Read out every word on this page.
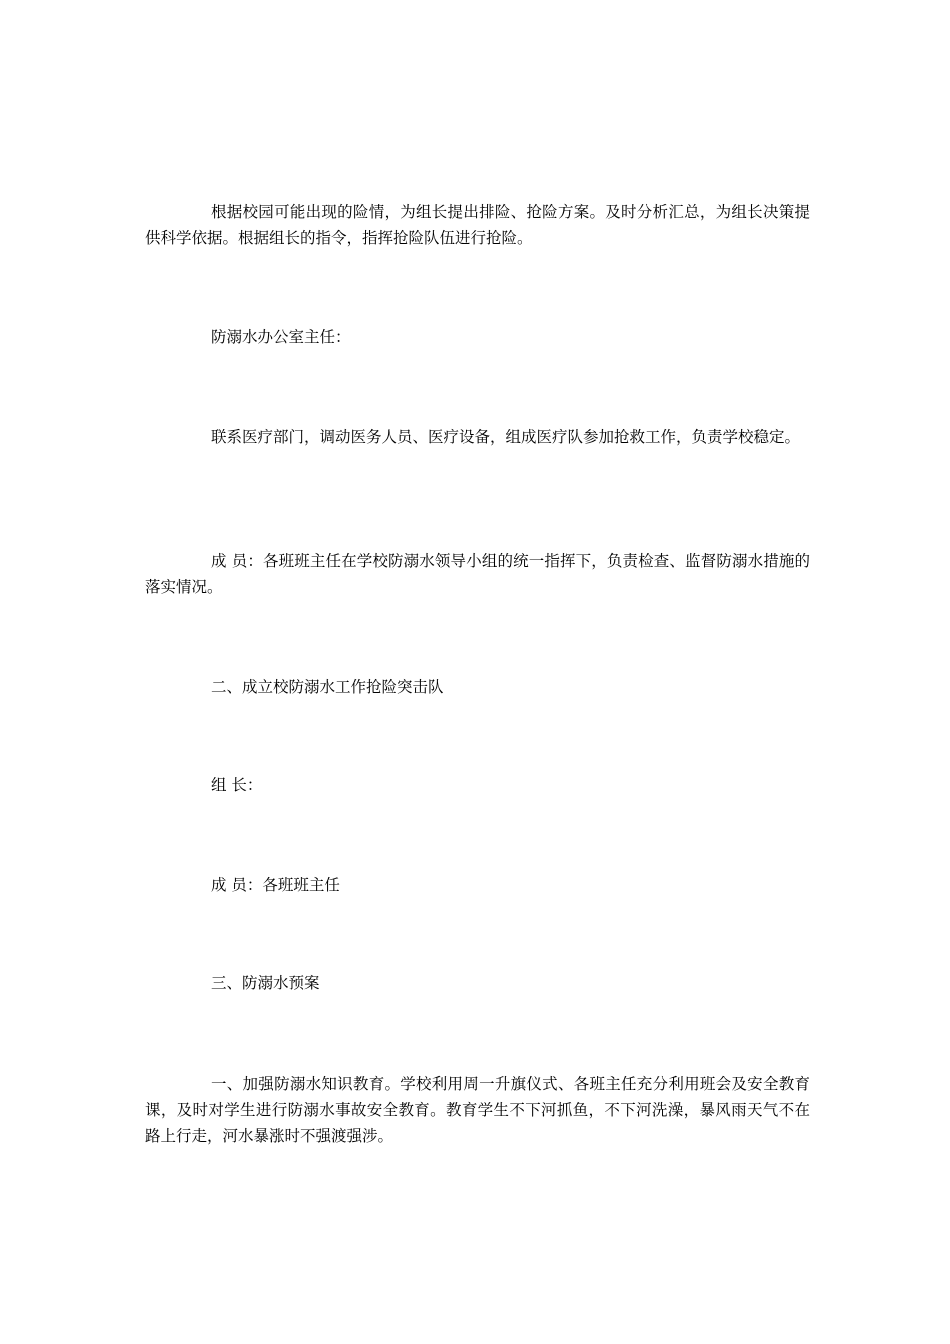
根据校园可能出现的险情，为组长提出排险、抢险方案。及时分析汇总，为组长决策提供科学依据。根据组长的指令，指挥抢险队伍进行抢险。

防溺水办公室主任：

联系医疗部门，调动医务人员、医疗设备，组成医疗队参加抢救工作，负责学校稳定。

成 员：各班班主任在学校防溺水领导小组的统一指挥下，负责检查、监督防溺水措施的落实情况。

二、成立校防溺水工作抢险突击队

组 长：

成 员：各班班主任

三、防溺水预案

一、加强防溺水知识教育。学校利用周一升旗仪式、各班主任充分利用班会及安全教育课，及时对学生进行防溺水事故安全教育。教育学生不下河抓鱼，不下河洗澡，暴风雨天气不在路上行走，河水暴涨时不强渡强涉。
